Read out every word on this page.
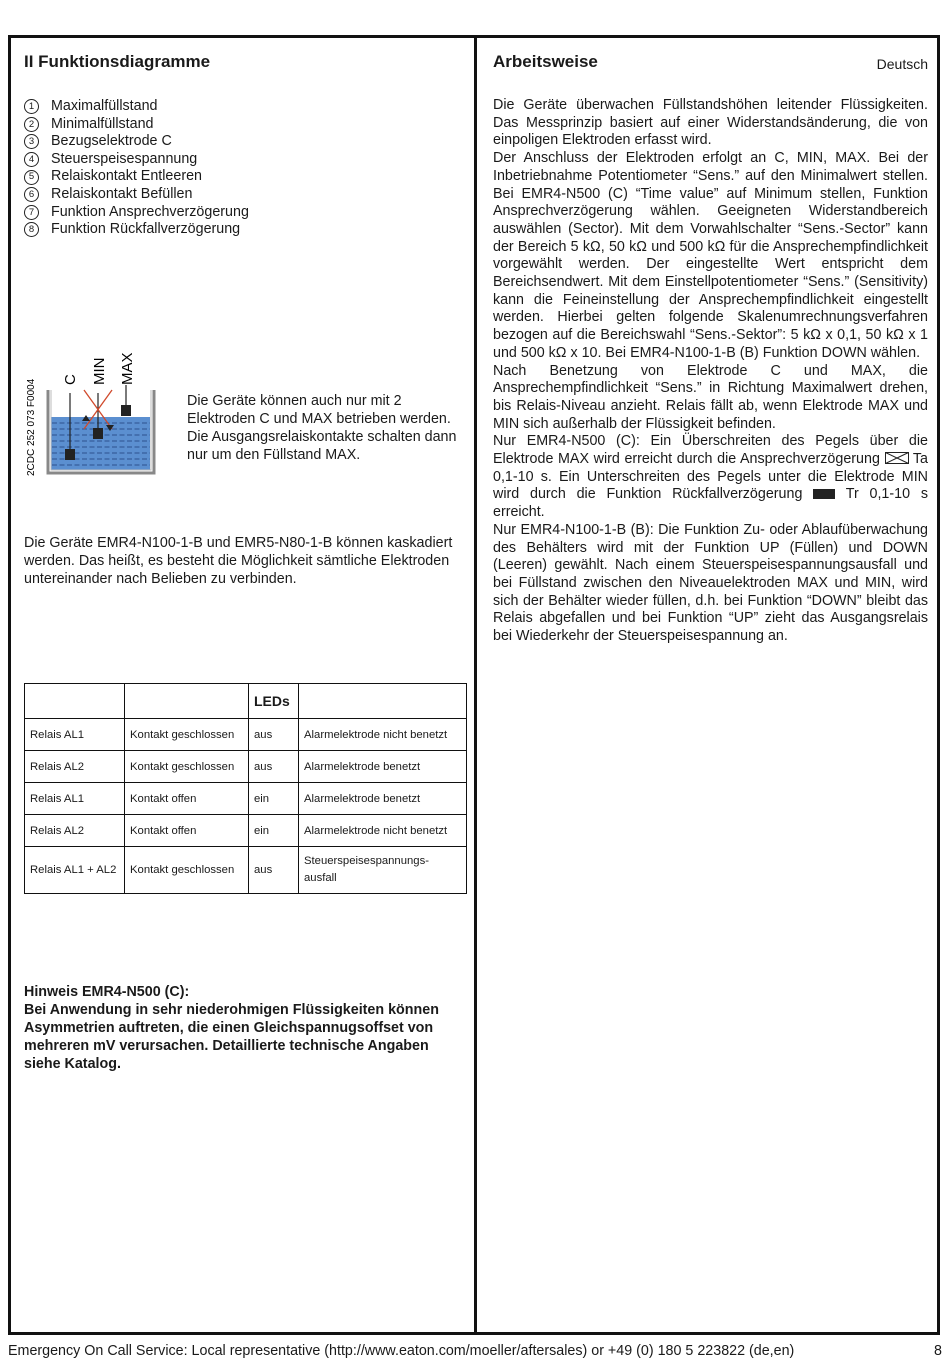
II Funktionsdiagramme
1	Maximalfüllstand
2	Minimalfüllstand
3	Bezugselektrode C
4	Steuerspeisespannung
5	Relaiskontakt Entleeren
6	Relaiskontakt Befüllen
7	Funktion Ansprechverzögerung
8	Funktion Rückfallverzögerung
2CDC 252 073 F0004 C MIN MAX
Die Geräte können auch nur mit 2 Elektroden C und MAX betrieben werden. Die Ausgangsrelaiskontakte schalten dann nur um den Füllstand MAX.
Die Geräte EMR4-N100-1-B und EMR5-N80-1-B können kaskadiert werden. Das heißt, es besteht die Möglichkeit sämtliche Elektroden untereinander nach Belieben zu verbinden.
		LEDs	
Relais AL1	Kontakt geschlossen	aus	Alarmelektrode nicht benetzt
Relais AL2	Kontakt geschlossen	aus	Alarmelektrode benetzt
Relais AL1	Kontakt offen	ein	Alarmelektrode benetzt
Relais AL2	Kontakt offen	ein	Alarmelektrode nicht benetzt
Relais AL1 + AL2	Kontakt geschlossen	aus	Steuerspeisespannungs-ausfall
Hinweis EMR4-N500 (C):
Bei Anwendung in sehr niederohmigen Flüssigkeiten können Asymmetrien auftreten, die einen Gleichspannugsoffset von mehreren mV verursachen. Detaillierte technische Angaben siehe Katalog.
Arbeitsweise	Deutsch

Die Geräte überwachen Füllstandshöhen leitender Flüssigkeiten. Das Messprinzip basiert auf einer Widerstandsänderung, die von einpoligen Elektroden erfasst wird.

Der Anschluss der Elektroden erfolgt an C, MIN, MAX. Bei der Inbetriebnahme Potentiometer “Sens.” auf den Minimalwert stellen. Bei EMR4-N500 (C) “Time value” auf Minimum stellen, Funktion Ansprechverzögerung wählen. Geeigneten Widerstandbereich auswählen (Sector). Mit dem Vorwahlschalter “Sens.-Sector” kann der Bereich 5 kΩ, 50 kΩ und 500 kΩ für die Ansprechempfindlichkeit vorgewählt werden. Der eingestellte Wert entspricht dem Bereichsendwert. Mit dem Einstellpotentiometer “Sens.” (Sensitivity) kann die Feineinstellung der Ansprechempfindlichkeit eingestellt werden. Hierbei gelten folgende Skalenumrechnungsverfahren bezogen auf die Bereichswahl “Sens.-Sektor”: 5 kΩ x 0,1, 50 kΩ x 1 und 500 kΩ x 10. Bei EMR4-N100-1-B (B) Funktion DOWN wählen.

Nach Benetzung von Elektrode C und MAX, die Ansprechempfindlichkeit “Sens.” in Richtung Maximalwert drehen, bis Relais-Niveau anzieht. Relais fällt ab, wenn Elektrode MAX und MIN sich außerhalb der Flüssigkeit befinden.

Nur EMR4-N500 (C): Ein Überschreiten des Pegels über die Elektrode MAX wird erreicht durch die Ansprechverzögerung Ta 0,1-10 s. Ein Unterschreiten des Pegels unter die Elektrode MIN wird durch die Funktion Rückfallverzögerung	Tr 0,1-10 s erreicht.

Nur EMR4-N100-1-B (B): Die Funktion Zu- oder Ablaufüberwachung des Behälters wird mit der Funktion UP (Füllen) und DOWN (Leeren) gewählt. Nach einem Steuerspeisespannungsausfall und bei Füllstand zwischen den Niveauelektroden MAX und MIN, wird sich der Behälter wieder füllen, d.h. bei Funktion “DOWN” bleibt das Relais abgefallen und bei Funktion “UP” zieht das Ausgangsrelais bei Wiederkehr der Steuerspeisespannung an.

Emergency On Call Service: Local representative (http://www.eaton.com/moeller/aftersales) or +49 (0) 180 5 223822 (de,en)	8
